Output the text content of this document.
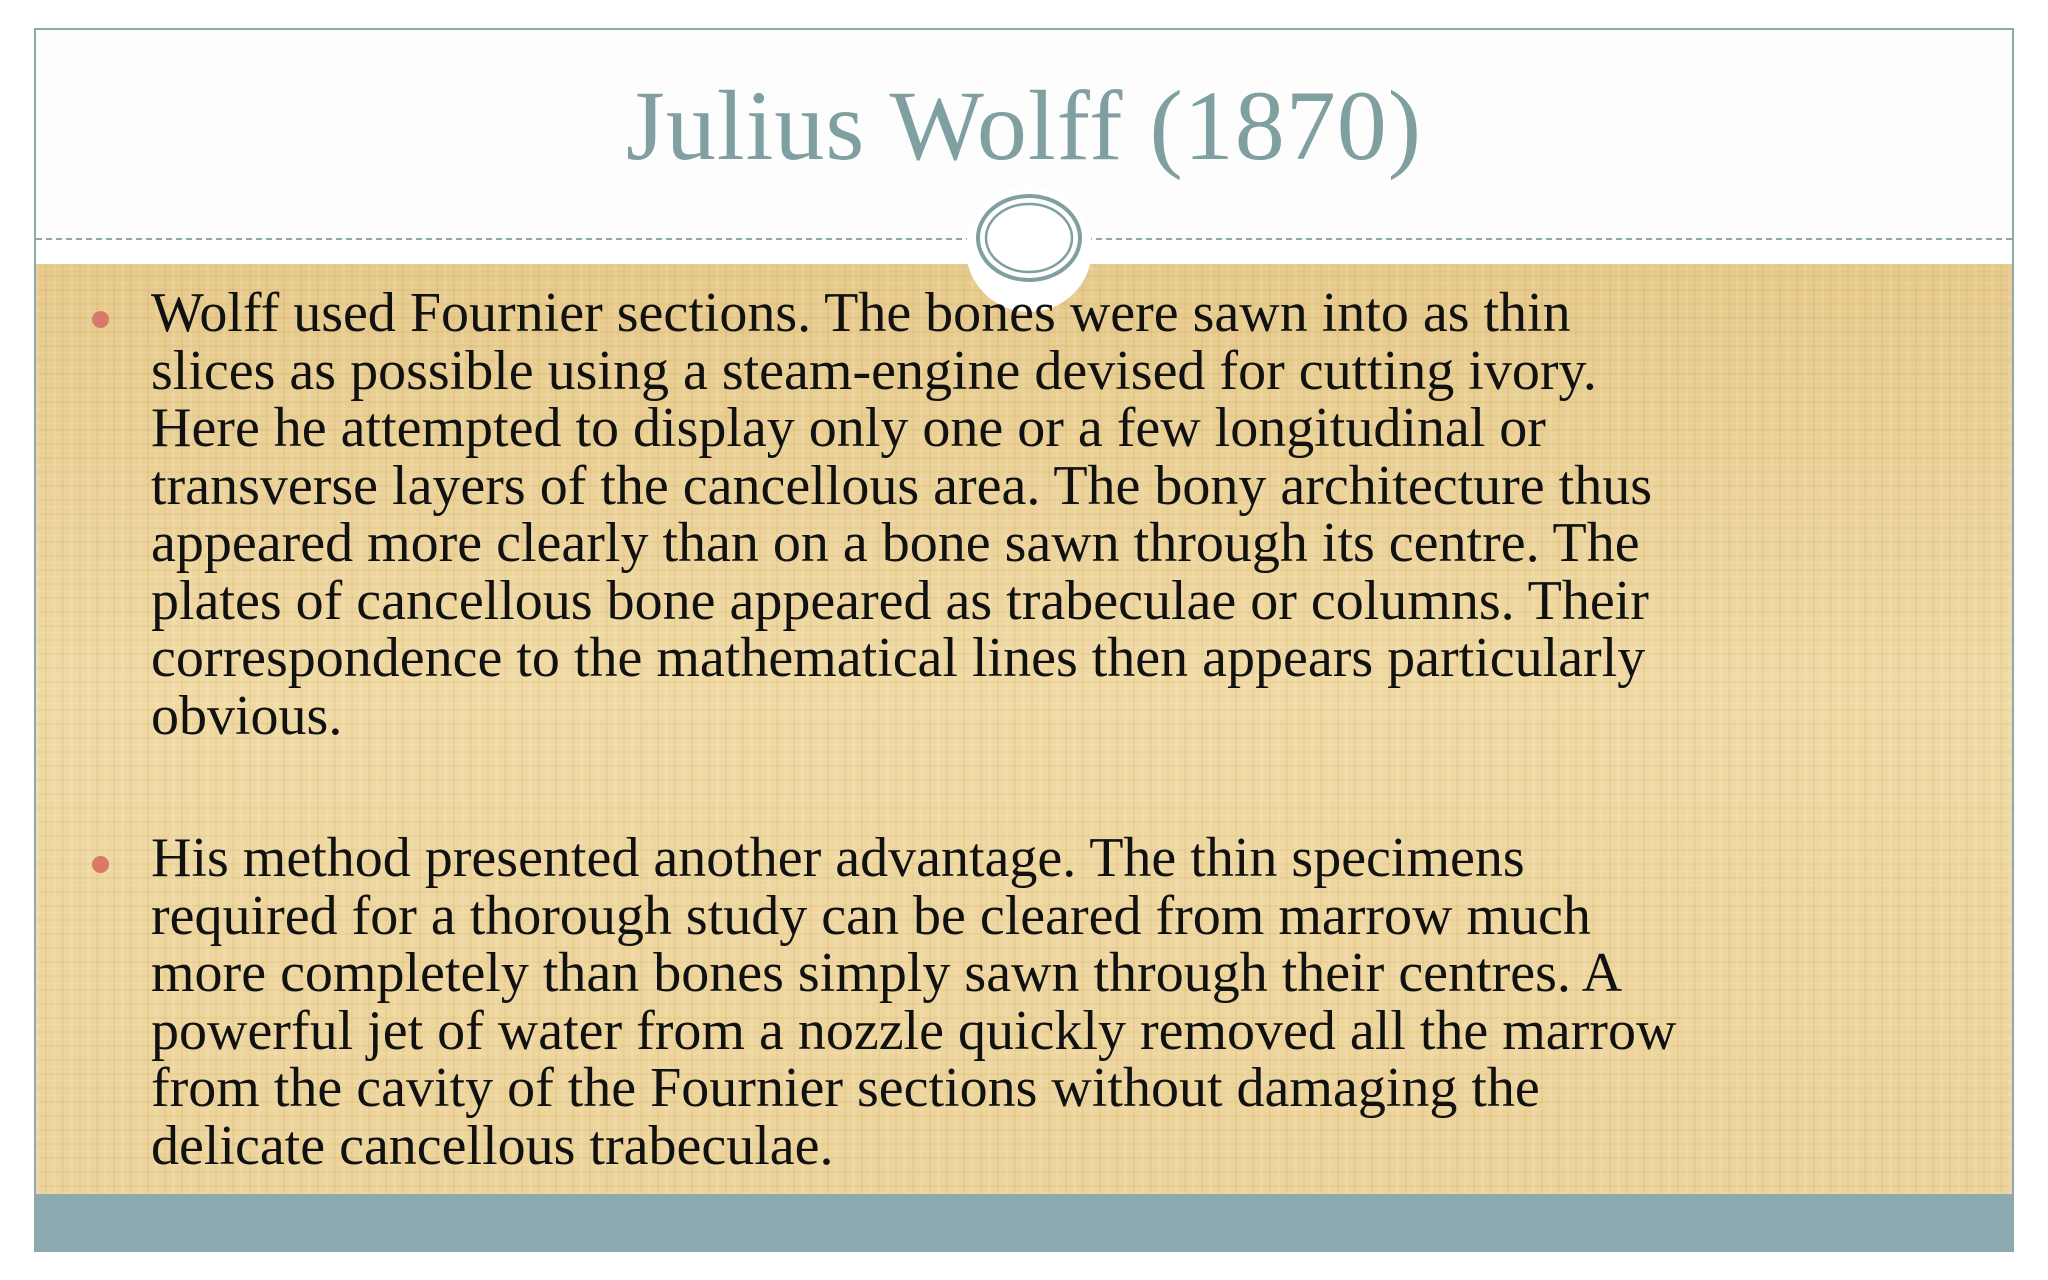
Julius Wolff (1870)

Wolff used Fournier sections. The bones were sawn into as thin
slices as possible using a steam-engine devised for cutting ivory.
Here he attempted to display only one or a few longitudinal or
transverse layers of the cancellous area. The bony architecture thus
appeared more clearly than on a bone sawn through its centre. The
plates of cancellous bone appeared as trabeculae or columns. Their
correspondence to the mathematical lines then appears particularly
obvious.

His method presented another advantage. The thin specimens
required for a thorough study can be cleared from marrow much
more completely than bones simply sawn through their centres. A
powerful jet of water from a nozzle quickly removed all the marrow
from the cavity of the Fournier sections without damaging the
delicate cancellous trabeculae.
